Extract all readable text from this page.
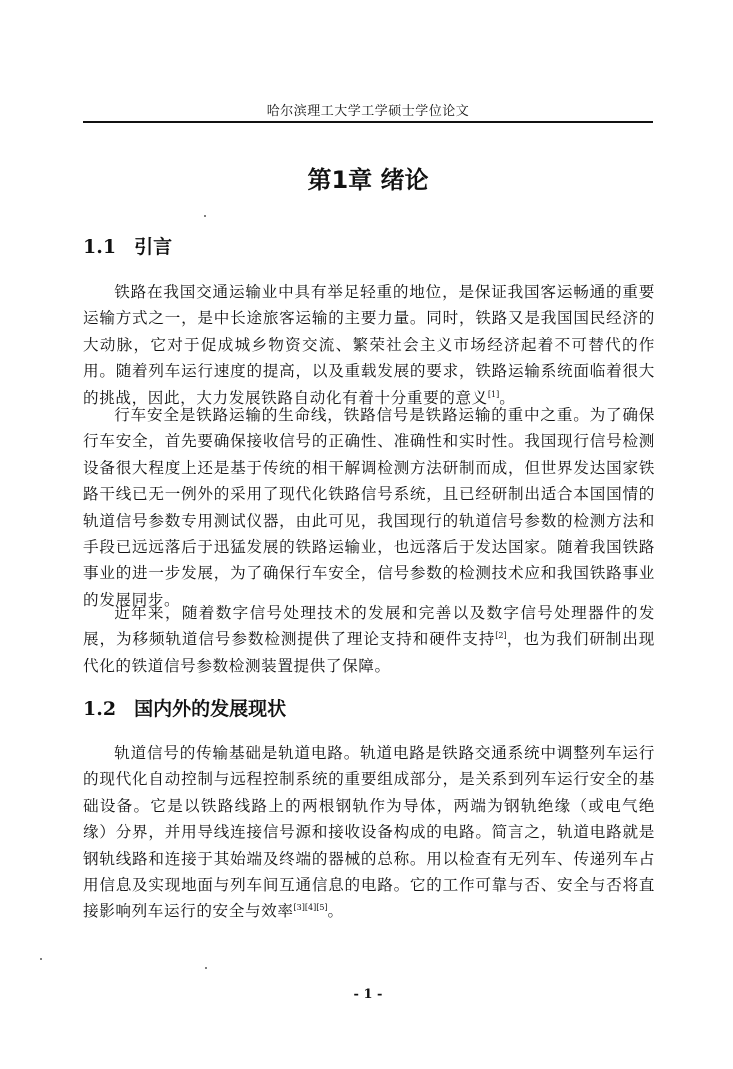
哈尔滨理工大学工学硕士学位论文
第1章 绪论
1.1 引言

铁路在我国交通运输业中具有举足轻重的地位，是保证我国客运畅通的重要运输方式之一，是中长途旅客运输的主要力量。同时，铁路又是我国国民经济的大动脉，它对于促成城乡物资交流、繁荣社会主义市场经济起着不可替代的作用。随着列车运行速度的提高，以及重载发展的要求，铁路运输系统面临着很大的挑战，因此，大力发展铁路自动化有着十分重要的意义[1]。

行车安全是铁路运输的生命线，铁路信号是铁路运输的重中之重。为了确保行车安全，首先要确保接收信号的正确性、准确性和实时性。我国现行信号检测设备很大程度上还是基于传统的相干解调检测方法研制而成，但世界发达国家铁路干线已无一例外的采用了现代化铁路信号系统，且已经研制出适合本国国情的轨道信号参数专用测试仪器，由此可见，我国现行的轨道信号参数的检测方法和手段已远远落后于迅猛发展的铁路运输业，也远落后于发达国家。随着我国铁路事业的进一步发展，为了确保行车安全，信号参数的检测技术应和我国铁路事业的发展同步。

近年来，随着数字信号处理技术的发展和完善以及数字信号处理器件的发展，为移频轨道信号参数检测提供了理论支持和硬件支持[2]，也为我们研制出现代化的铁道信号参数检测装置提供了保障。

1.2 国内外的发展现状

轨道信号的传输基础是轨道电路。轨道电路是铁路交通系统中调整列车运行的现代化自动控制与远程控制系统的重要组成部分，是关系到列车运行安全的基础设备。它是以铁路线路上的两根钢轨作为导体，两端为钢轨绝缘（或电气绝缘）分界，并用导线连接信号源和接收设备构成的电路。简言之，轨道电路就是钢轨线路和连接于其始端及终端的器械的总称。用以检查有无列车、传递列车占用信息及实现地面与列车间互通信息的电路。它的工作可靠与否、安全与否将直接影响列车运行的安全与效率[3][4][5]。

- 1 -
